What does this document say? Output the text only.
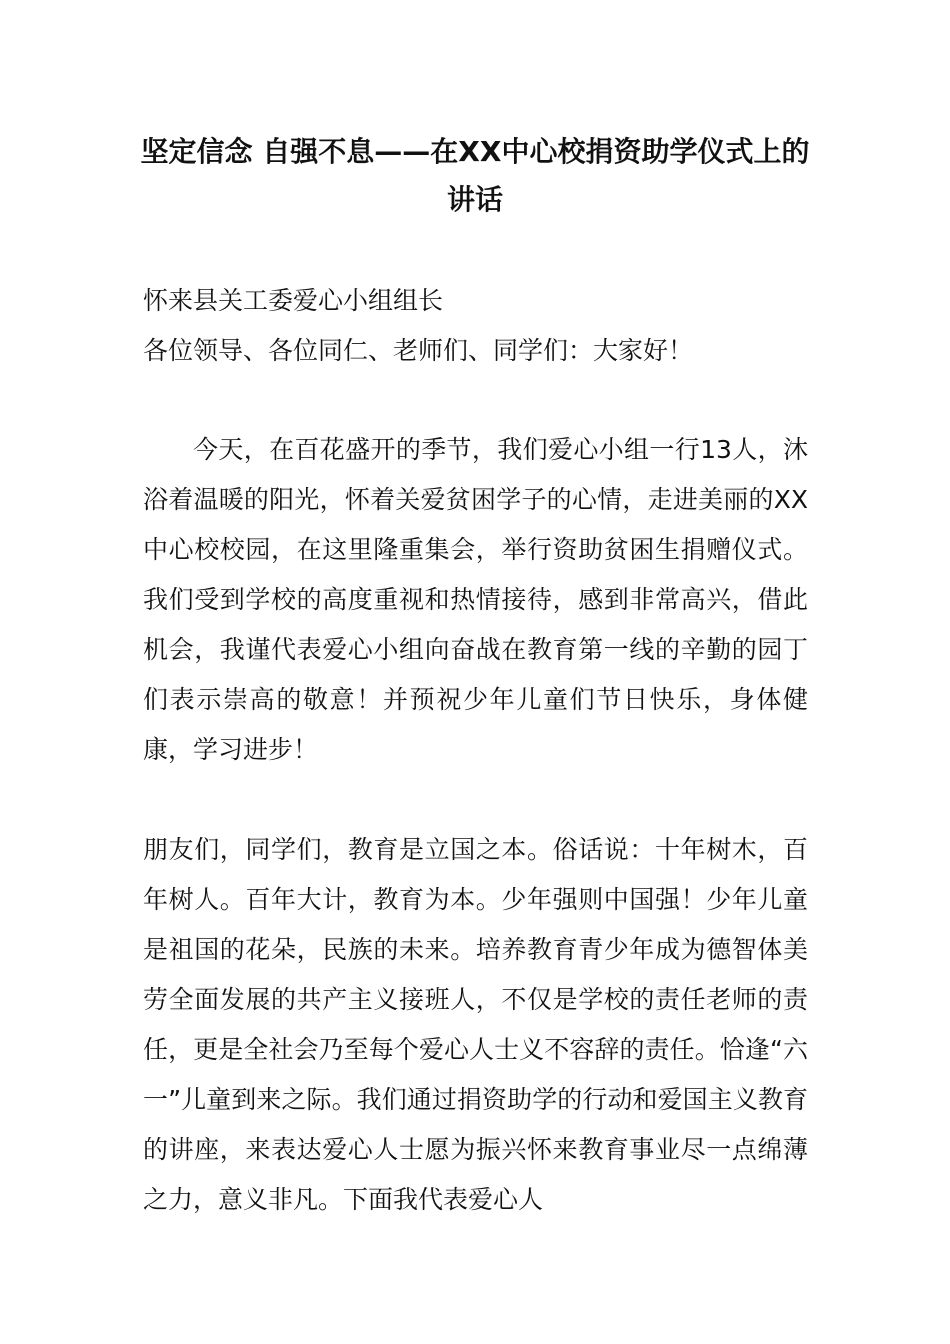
坚定信念 自强不息——在XX中心校捐资助学仪式上的讲话

怀来县关工委爱心小组组长

各位领导、各位同仁、老师们、同学们：大家好！

今天，在百花盛开的季节，我们爱心小组一行13人，沐浴着温暖的阳光，怀着关爱贫困学子的心情，走进美丽的XX中心校校园，在这里隆重集会，举行资助贫困生捐赠仪式。我们受到学校的高度重视和热情接待，感到非常高兴，借此机会，我谨代表爱心小组向奋战在教育第一线的辛勤的园丁们表示崇高的敬意！并预祝少年儿童们节日快乐，身体健康，学习进步！

朋友们，同学们，教育是立国之本。俗话说：十年树木，百年树人。百年大计，教育为本。少年强则中国强！少年儿童是祖国的花朵，民族的未来。培养教育青少年成为德智体美劳全面发展的共产主义接班人，不仅是学校的责任老师的责任，更是全社会乃至每个爱心人士义不容辞的责任。恰逢“六一”儿童到来之际。我们通过捐资助学的行动和爱国主义教育的讲座，来表达爱心人士愿为振兴怀来教育事业尽一点绵薄之力，意义非凡。下面我代表爱心人
